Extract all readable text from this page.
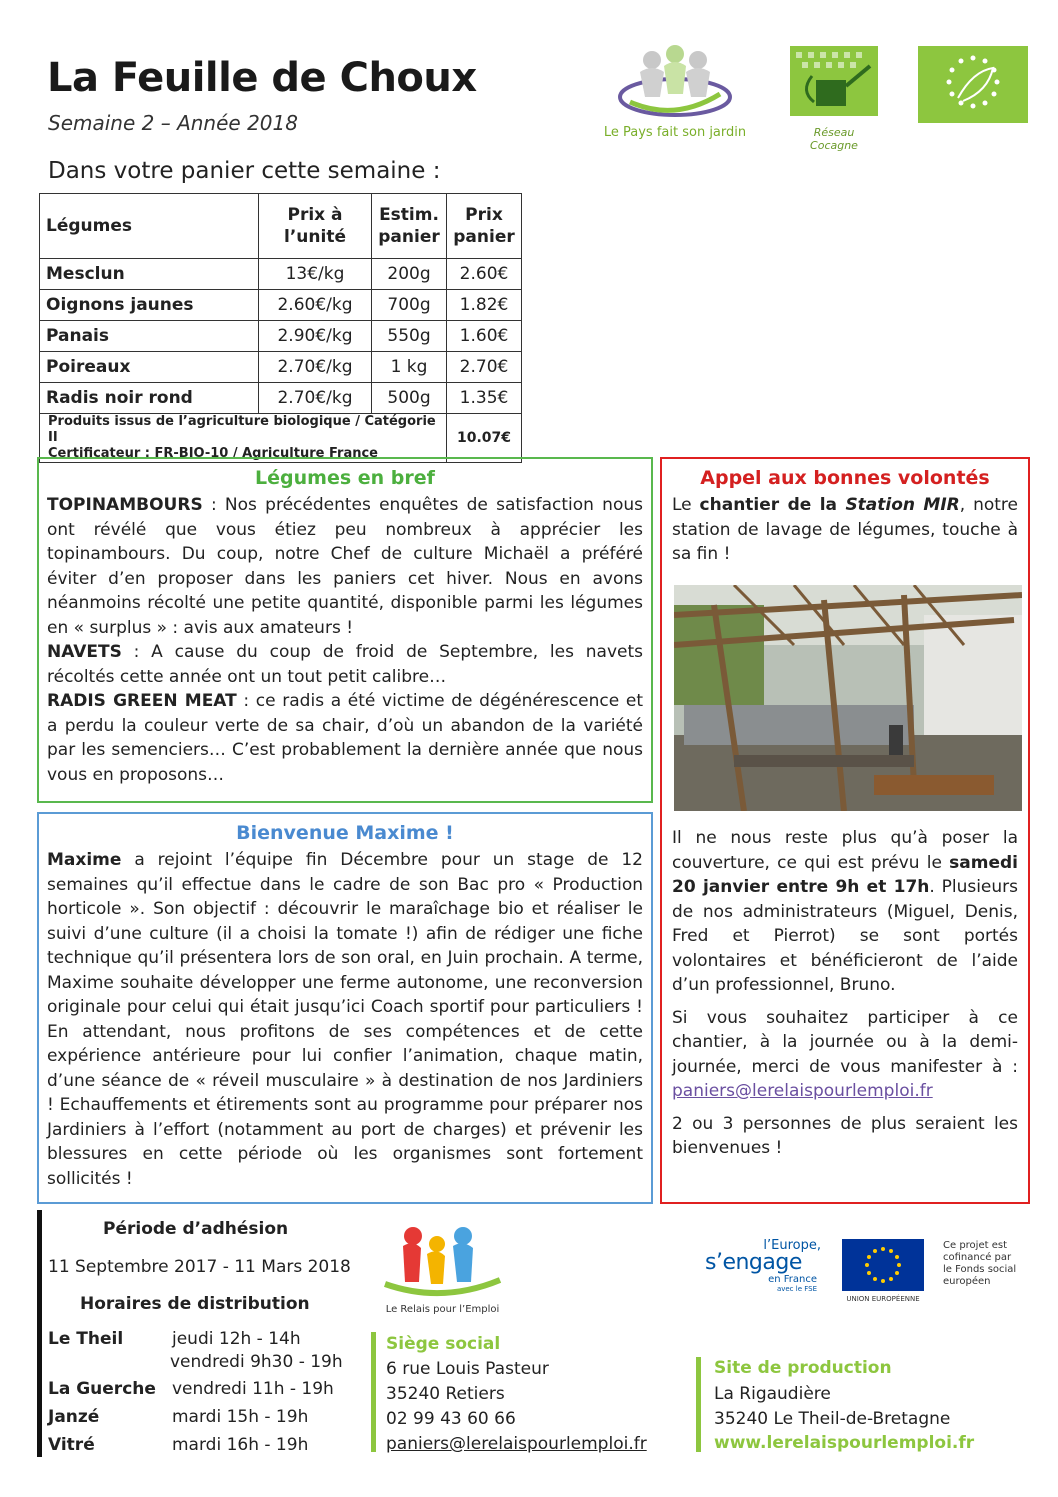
La Feuille de Choux
Semaine 2 – Année 2018
Dans votre panier cette semaine :
Le Pays fait son jardin	Réseau Cocagne
Légumes	Prix à l’unité	Estim. panier	Prix panier
Mesclun	13€/kg	200g	2.60€
Oignons jaunes	2.60€/kg	700g	1.82€
Panais	2.90€/kg	550g	1.60€
Poireaux	2.70€/kg	1 kg	2.70€
Radis noir rond	2.70€/kg	500g	1.35€

Produits issus de l’agriculture biologique / Catégorie II
Certificateur : FR-BIO-10 / Agriculture France			10.07€
Légumes en bref

TOPINAMBOURS : Nos précédentes enquêtes de satisfaction nous ont révélé que vous étiez peu nombreux à apprécier les topinambours. Du coup, notre Chef de culture Michaël a préféré éviter d’en proposer dans les paniers cet hiver. Nous en avons néanmoins récolté une petite quantité, disponible parmi les légumes en « surplus » : avis aux amateurs !

NAVETS : A cause du coup de froid de Septembre, les navets récoltés cette année ont un tout petit calibre…

RADIS GREEN MEAT : ce radis a été victime de dégénérescence et a perdu la couleur verte de sa chair, d’où un abandon de la variété par les semenciers… C’est probablement la dernière année que nous vous en proposons…

Bienvenue Maxime !

Maxime a rejoint l’équipe fin Décembre pour un stage de 12 semaines qu’il effectue dans le cadre de son Bac pro « Production horticole ». Son objectif : découvrir le maraîchage bio et réaliser le suivi d’une culture (il a choisi la tomate !) afin de rédiger une fiche technique qu’il présentera lors de son oral, en Juin prochain. A terme, Maxime souhaite développer une ferme autonome, une reconversion originale pour celui qui était jusqu’ici Coach sportif pour particuliers ! En attendant, nous profitons de ses compétences et de cette expérience antérieure pour lui confier l’animation, chaque matin, d’une séance de « réveil musculaire » à destination de nos Jardiniers ! Echauffements et étirements sont au programme pour préparer nos Jardiniers à l’effort (notamment au port de charges) et prévenir les blessures en cette période où les organismes sont fortement sollicités !

Appel aux bonnes volontés

Le chantier de la Station MIR, notre station de lavage de légumes, touche à sa fin !

Il ne nous reste plus qu’à poser la couverture, ce qui est prévu le samedi 20 janvier entre 9h et 17h. Plusieurs de nos administrateurs (Miguel, Denis, Fred et Pierrot) se sont portés volontaires et bénéficieront de l’aide d’un professionnel, Bruno.

Si vous souhaitez participer à ce chantier, à la journée ou à la demi-journée, merci de vous manifester à : paniers@lerelaispourlemploi.fr

2 ou 3 personnes de plus seraient les bienvenues !

Période d’adhésion
11 Septembre 2017 - 11 Mars 2018
Horaires de distribution
Le Theil	jeudi 12h - 14h
vendredi 9h30 - 19h
La Guerche vendredi 11h - 19h
Janzé	mardi 15h - 19h
Vitré	mardi 16h - 19h
Le Relais pour l’Emploi
Siège social
6 rue Louis Pasteur
35240 Retiers
02 99 43 60 66
paniers@lerelaispourlemploi.fr
Site de production
La Rigaudière
35240 Le Theil-de-Bretagne
www.lerelaispourlemploi.fr
l’Europe,
s’engage
en France
avec le FSE
UNION EUROPÉENNE
Ce projet est cofinancé par le Fonds social européen
